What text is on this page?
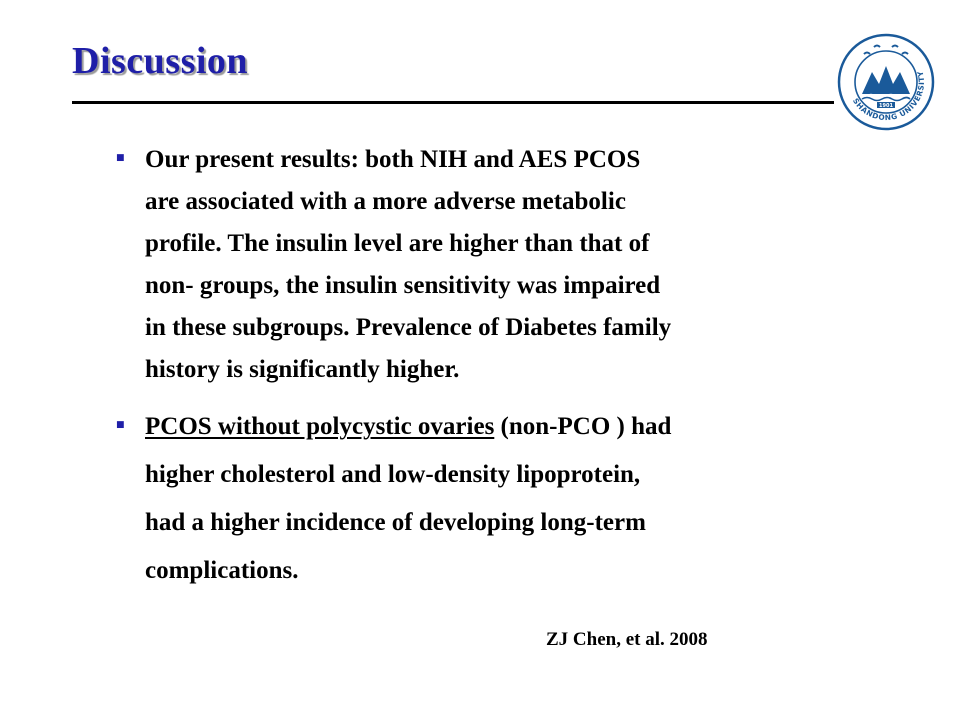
Discussion
1901
SHANDONG UNIVERSITY
■ Our present results: both NIH and AES PCOS
are associated with a more adverse metabolic
profile. The insulin level are higher than that of
non- groups, the insulin sensitivity was impaired
in these subgroups. Prevalence of Diabetes family
history is significantly higher.
■ PCOS without polycystic ovaries (non-PCO ) had
higher cholesterol and low-density lipoprotein,
had a higher incidence of developing long-term
complications.
ZJ Chen, et al. 2008
